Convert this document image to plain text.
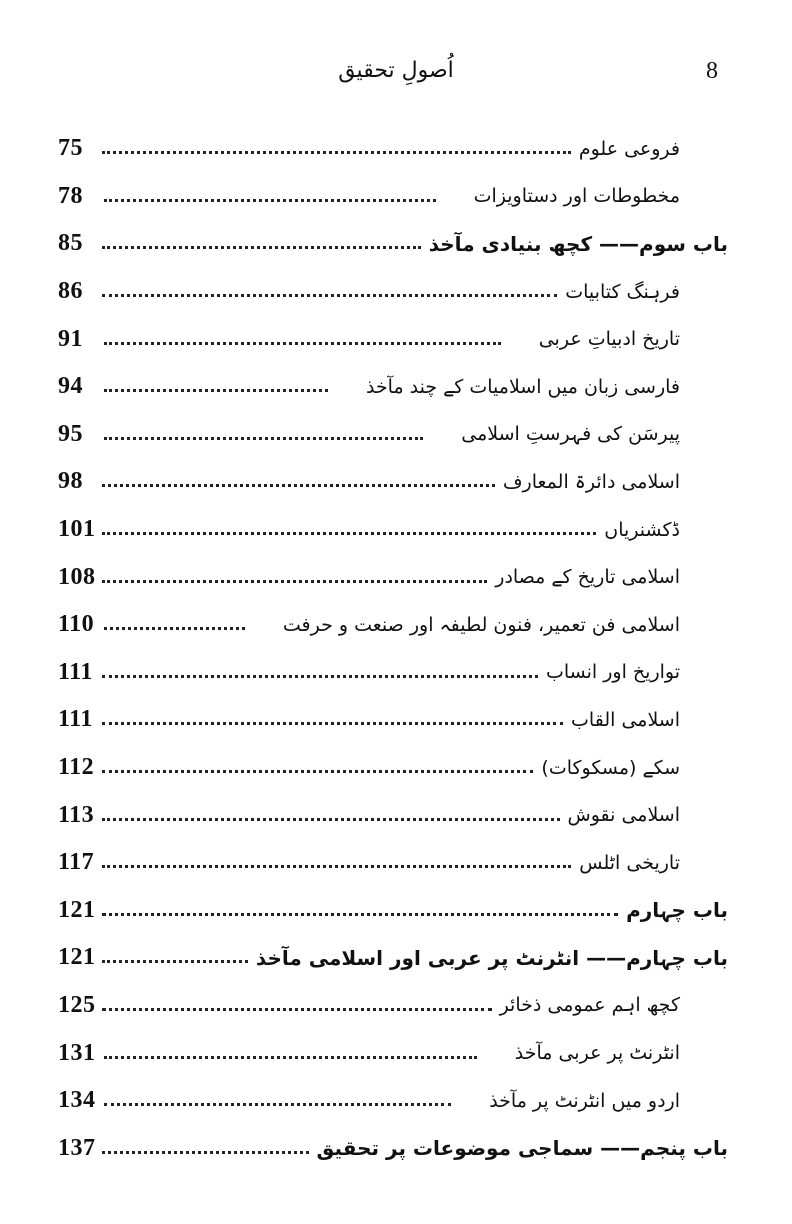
8
اُصولِ تحقیق
75	فروعی علوم
78	مخطوطات اور دستاویزات
85	باب سوم—— کچھ بنیادی مآخذ
86	فرہنگ کتابیات
91	تاریخ ادبیاتِ عربی
94	فارسی زبان میں اسلامیات کے چند مآخذ
95	پیرسَن کی فہرستِ اسلامی
98	اسلامی دائرۃ المعارف
101	ڈکشنریاں
108	اسلامی تاریخ کے مصادر
110	اسلامی فن تعمیر، فنون لطیفہ اور صنعت و حرفت
111	تواریخ اور انساب
111	اسلامی القاب
112	سکے (مسکوکات)
113	اسلامی نقوش
117	تاریخی اٹلس
121	باب چہارم
121	باب چہارم—— انٹرنٹ پر عربی اور اسلامی مآخذ
125	کچھ اہم عمومی ذخائر
131	انٹرنٹ پر عربی مآخذ
134	اردو میں انٹرنٹ پر مآخذ
137	باب پنجم—— سماجی موضوعات پر تحقیق
